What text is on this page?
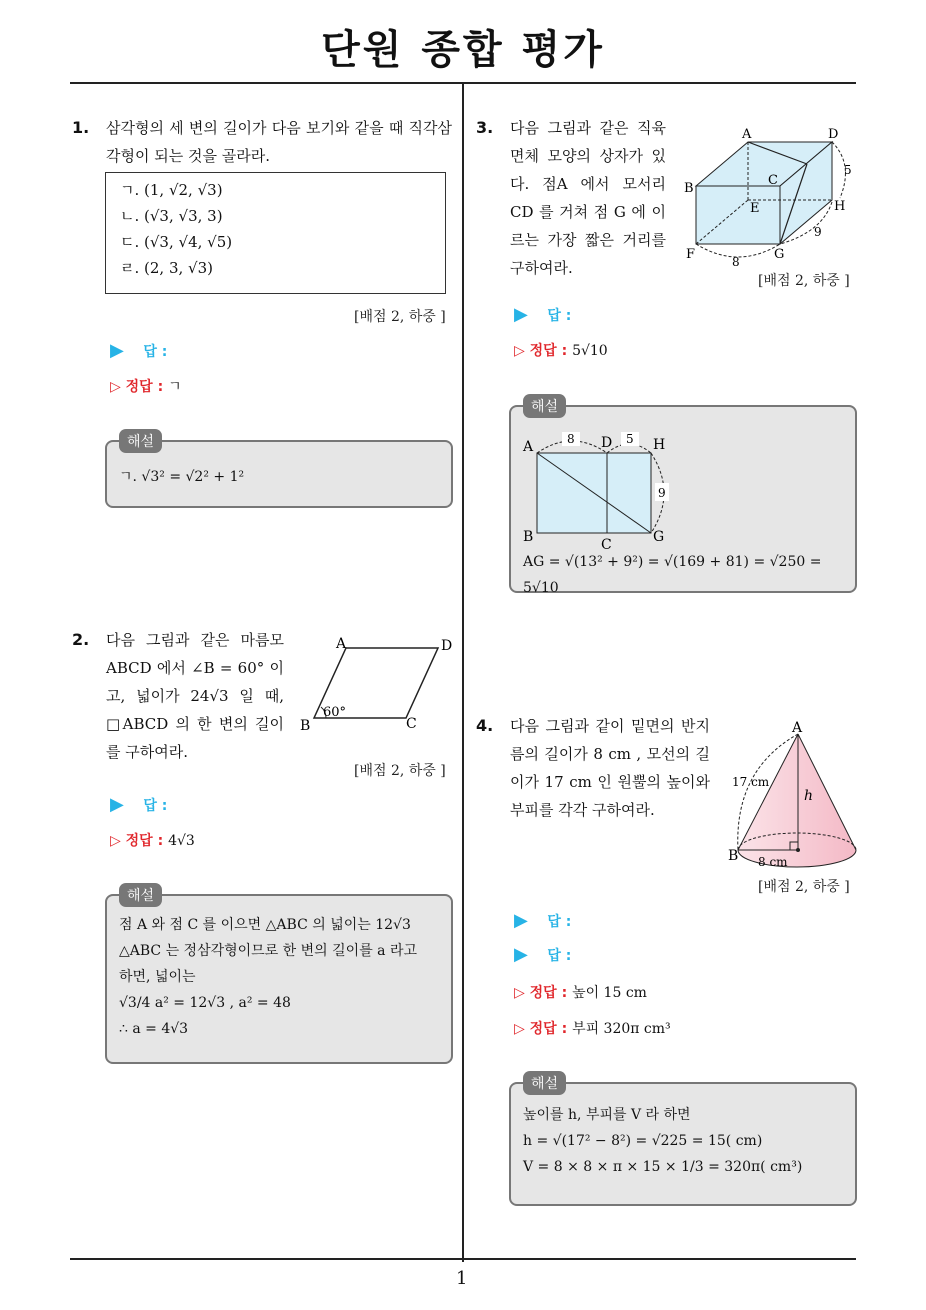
단원 종합 평가
1. 삼각형의 세 변의 길이가 다음 보기와 같을 때 직각삼각형이 되는 것을 골라라.
ㄱ. (1, √2, √3)
ㄴ. (√3, √3, 3)
ㄷ. (√3, √4, √5)
ㄹ. (2, 3, √3)
[배점 2, 하중 ]
▶ 답 :
▷ 정답 : ㄱ
ㄱ. √3² = √2² + 1²
해설
2. 다음 그림과 같은 마름모 ABCD 에서 ∠B = 60° 이고, 넓이가 24√3 일 때, □ABCD 의 한 변의 길이를 구하여라.
A	D
B	C
60°
[배점 2, 하중 ]
▶ 답 :
▷ 정답 : 4√3
점 A 와 점 C 를 이으면 △ABC 의 넓이는 12√3
△ABC 는 정삼각형이므로 한 변의 길이를 a 라고
하면, 넓이는
√3/4 a² = 12√3 , a² = 48
∴ a = 4√3
해설
3. 다음 그림과 같은 직육면체 모양의 상자가 있다. 점A 에서 모서리 CD 를 거쳐 점 G 에 이르는 가장 짧은 거리를 구하여라.
A	D
B
C
E	H
F	G
5
9
8
[배점 2, 하중 ]
▶ 답 :
▷ 정답 : 5√10
8	5
9
A	D	H
B	C	G
AG = √(13² + 9²) = √(169 + 81) = √250 = 5√10
해설
4. 다음 그림과 같이 밑면의 반지름의 길이가 8 cm , 모선의 길이가 17 cm 인 원뿔의 높이와 부피를 각각 구하여라.
A
B
17 cm
h
8 cm
[배점 2, 하중 ]
▶ 답 :
▶ 답 :
▷ 정답 : 높이 15 cm
▷ 정답 : 부피 320π cm³
높이를 h, 부피를 V 라 하면
h = √(17² − 8²) = √225 = 15( cm)
V = 8 × 8 × π × 15 × 1/3 = 320π( cm³)
해설
1
